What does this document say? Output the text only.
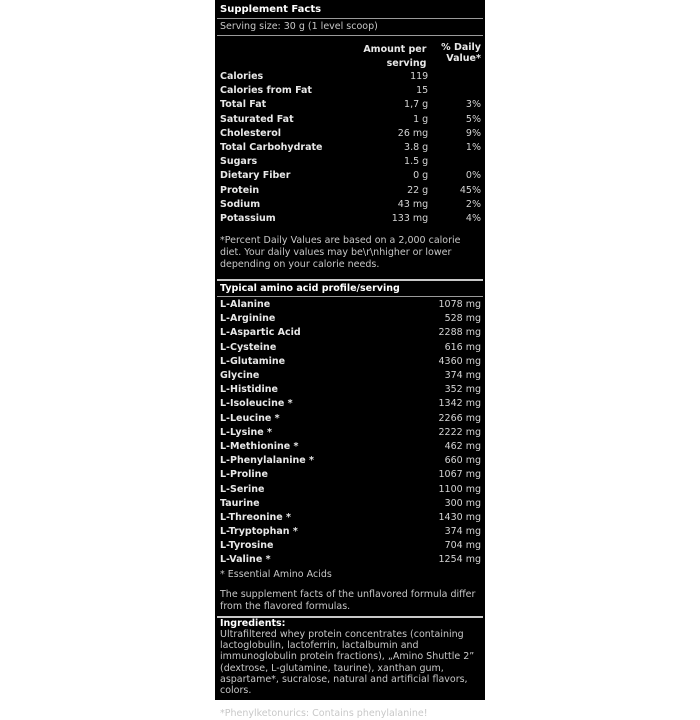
Supplement Facts
Serving size: 30 g (1 level scoop)
Amount per serving
% Daily Value*
Calories	119
Calories from Fat	15
Total Fat	1,7 g	3%
Saturated Fat	1 g	5%
Cholesterol	26 mg	9%
Total Carbohydrate	3.8 g	1%
Sugars	1.5 g
Dietary Fiber	0 g	0%
Protein	22 g	45%
Sodium	43 mg	2%
Potassium	133 mg	4%
*Percent Daily Values are based on a 2,000 calorie diet. Your daily values may be\r\nhigher or lower depending on your calorie needs.
Typical amino acid profile/serving
L-Alanine	1078 mg
L-Arginine	528 mg
L-Aspartic Acid	2288 mg
L-Cysteine	616 mg
L-Glutamine	4360 mg
Glycine	374 mg
L-Histidine	352 mg
L-Isoleucine *	1342 mg
L-Leucine *	2266 mg
L-Lysine *	2222 mg
L-Methionine *	462 mg
L-Phenylalanine *	660 mg
L-Proline	1067 mg
L-Serine	1100 mg
Taurine	300 mg
L-Threonine *	1430 mg
L-Tryptophan *	374 mg
L-Tyrosine	704 mg
L-Valine *	1254 mg
* Essential Amino Acids
The supplement facts of the unflavored formula differ from the flavored formulas.
Ingredients:
Ultrafiltered whey protein concentrates (containing lactoglobulin, lactoferrin, lactalbumin and immunoglobulin protein fractions), „Amino Shuttle 2” (dextrose, L-glutamine, taurine), xanthan gum, aspartame*, sucralose, natural and artificial flavors, colors.
*Phenylketonurics: Contains phenylalanine!
